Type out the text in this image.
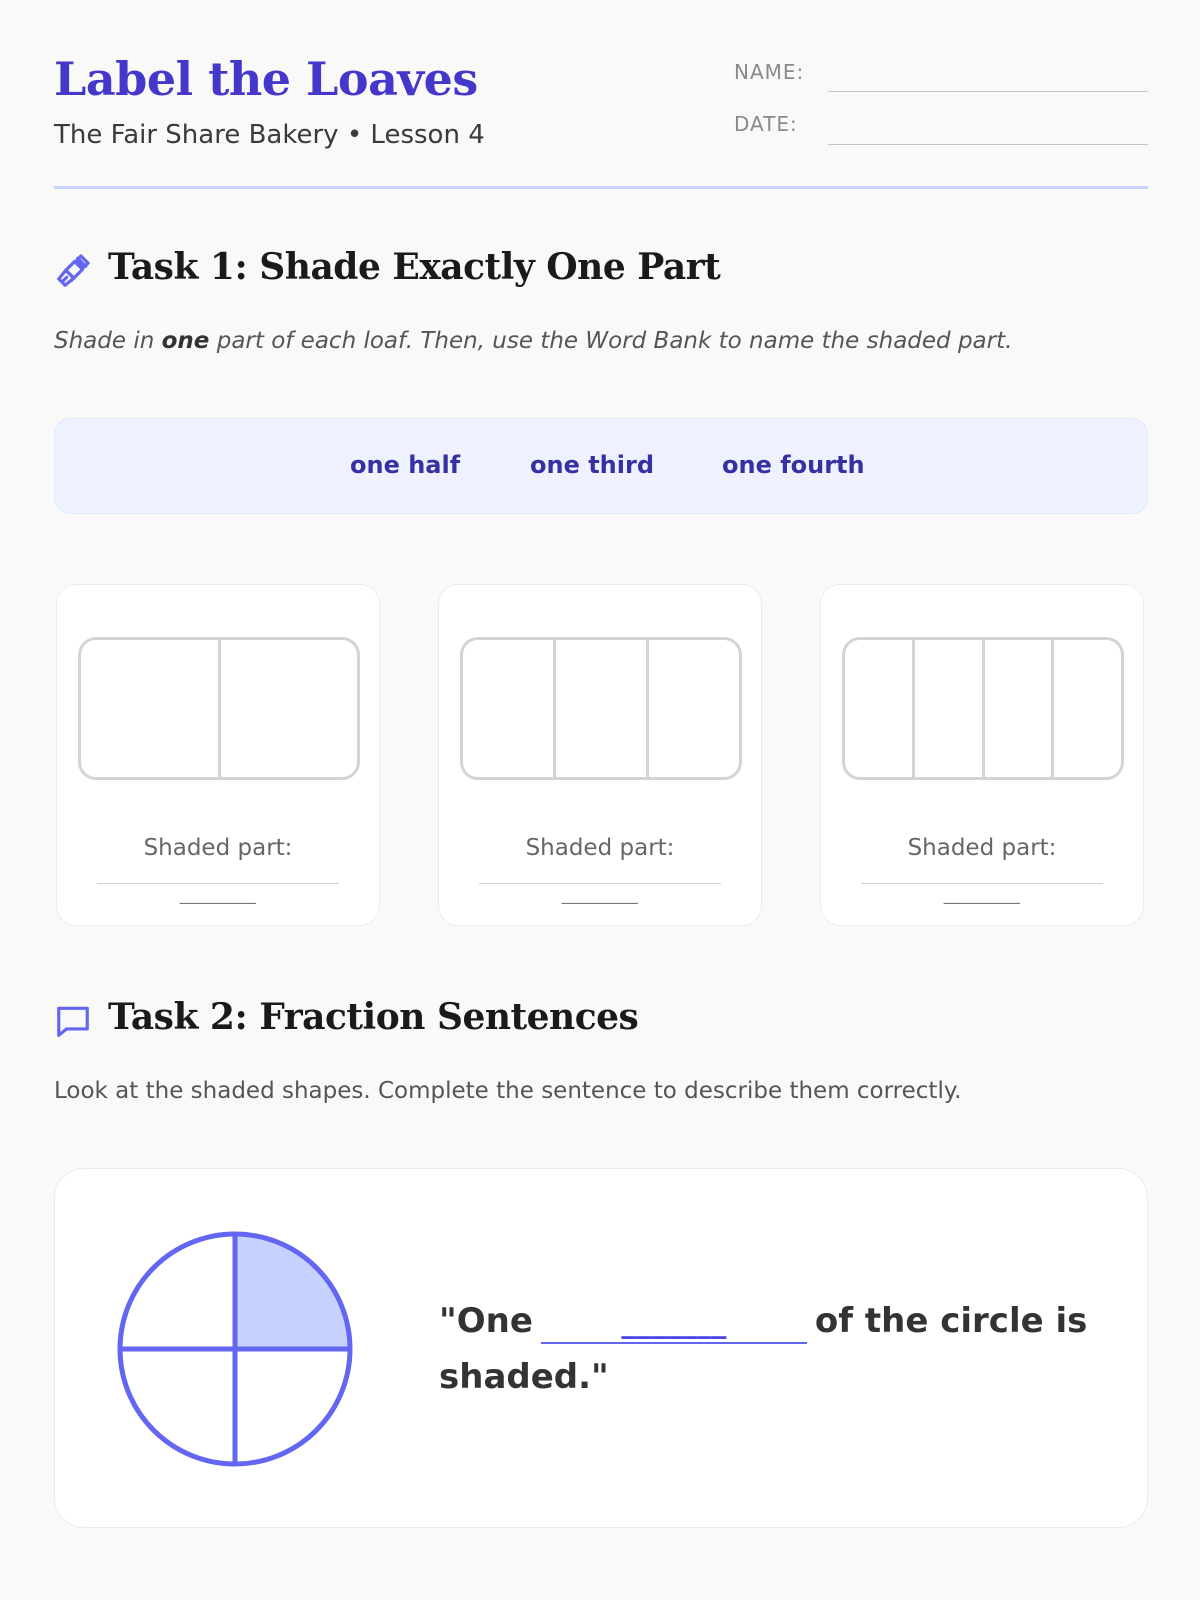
Label the Loaves
The Fair Share Bakery • Lesson 4
NAME:
DATE:
Task 1: Shade Exactly One Part
Shade in one part of each loaf. Then, use the Word Bank to name the shaded part.
one half	one third	one fourth
Shaded part:
_________
Shaded part:
_________
Shaded part:
_________
Task 2: Fraction Sentences
Look at the shaded shapes. Complete the sentence to describe them correctly.
"One	_______	of the circle is shaded."
